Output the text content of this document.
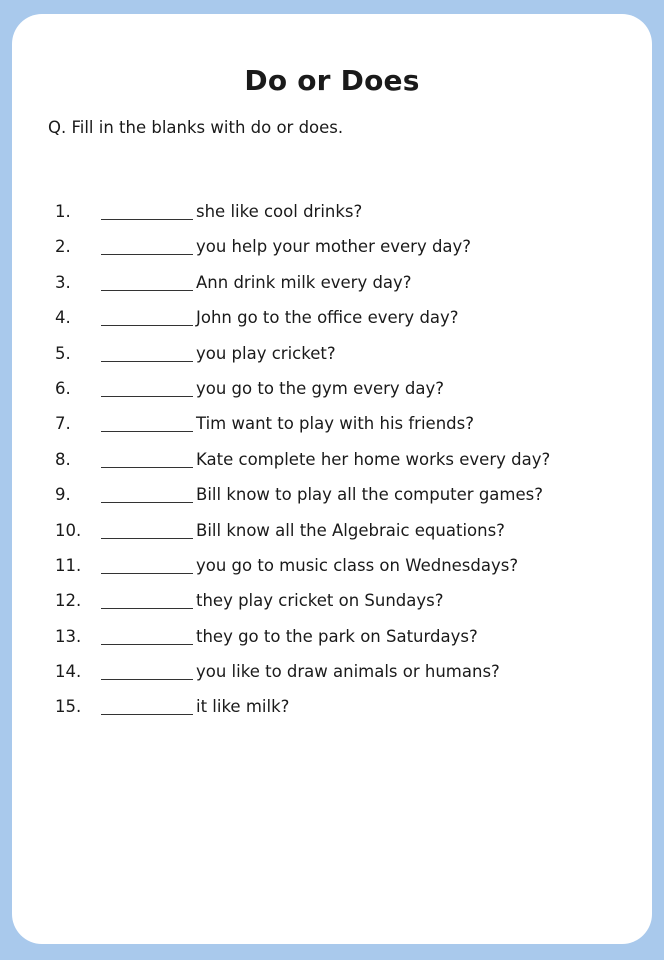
Do or Does
Q. Fill in the blanks with do or does.
1.	she like cool drinks?
2.	you help your mother every day?
3.	Ann drink milk every day?
4.	John go to the office every day?
5.	you play cricket?
6.	you go to the gym every day?
7.	Tim want to play with his friends?
8.	Kate complete her home works every day?
9.	Bill know to play all the computer games?
10.	Bill know all the Algebraic equations?
11.	you go to music class on Wednesdays?
12.	they play cricket on Sundays?
13.	they go to the park on Saturdays?
14.	you like to draw animals or humans?
15.	it like milk?
